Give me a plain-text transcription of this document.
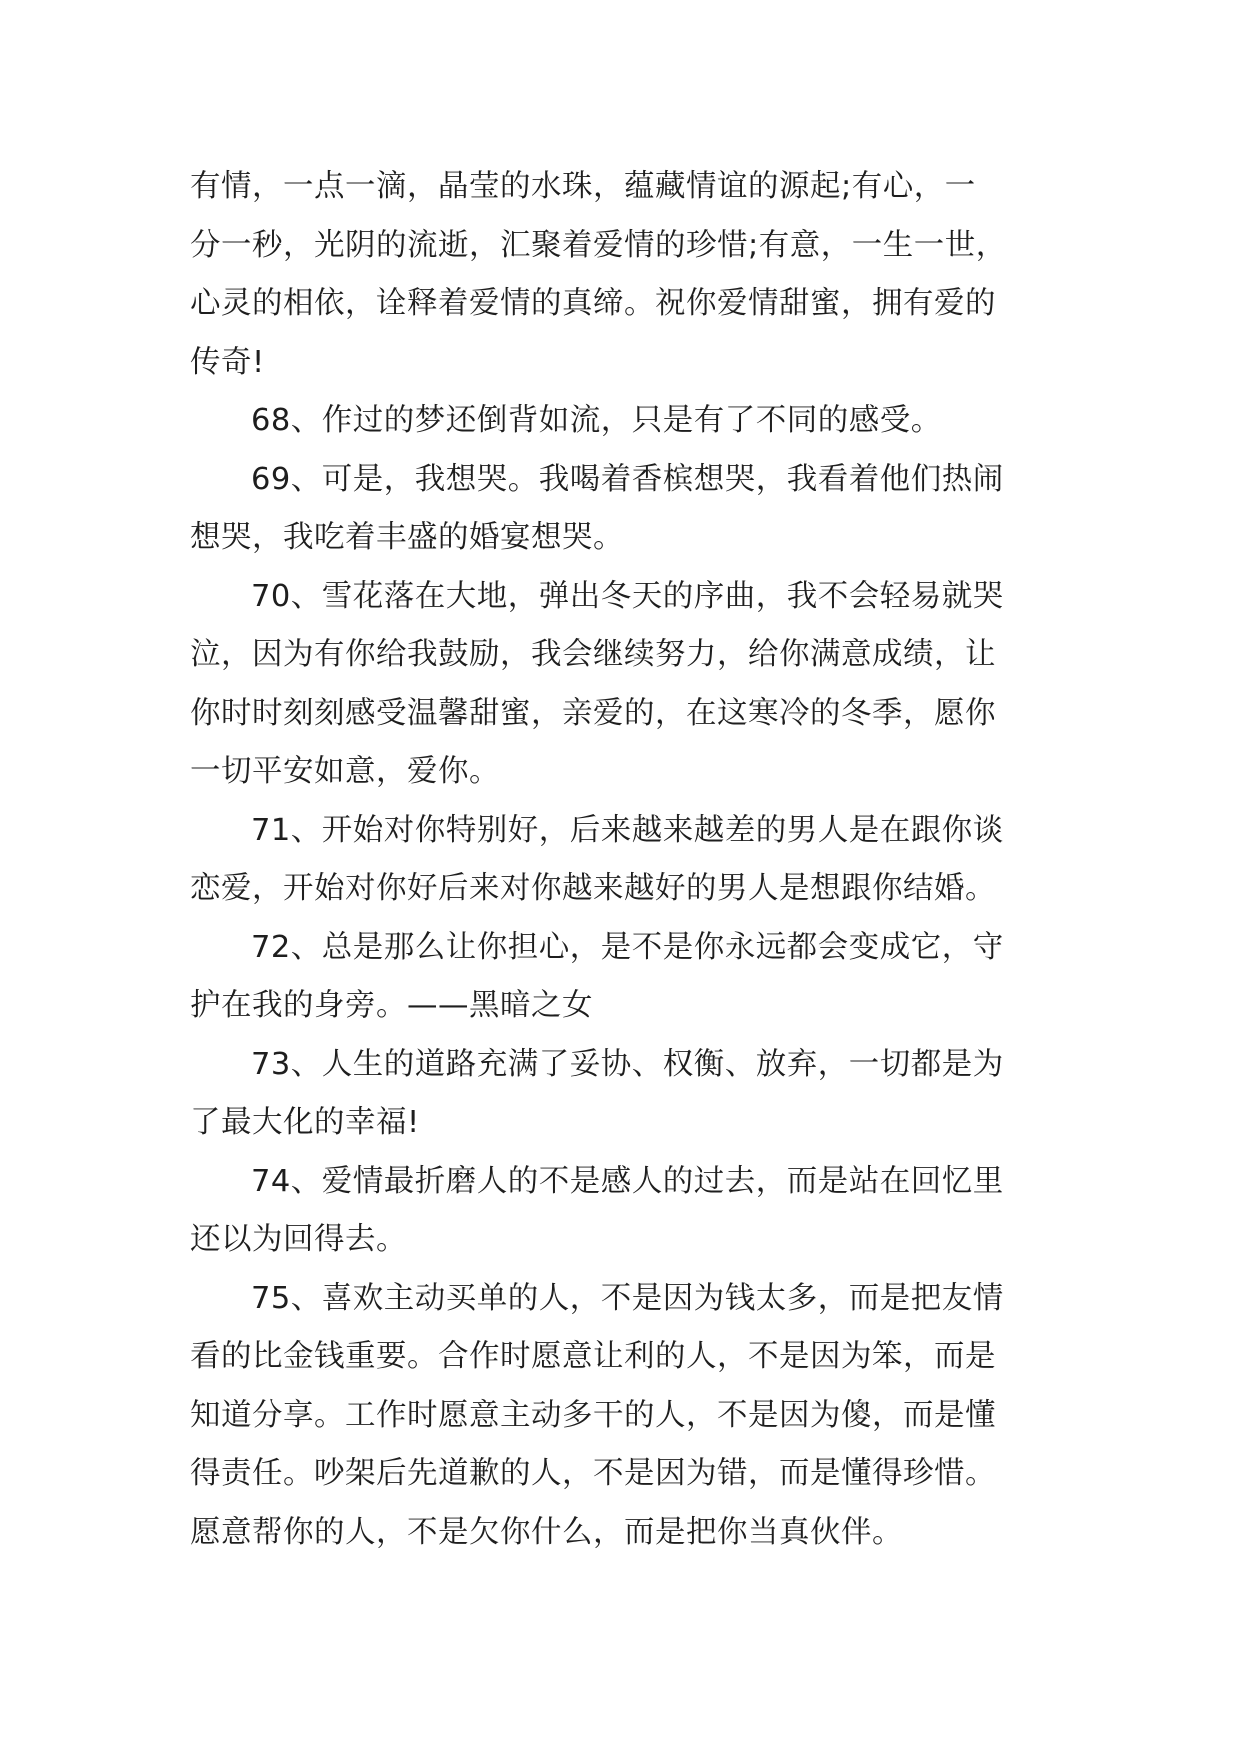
有情，一点一滴，晶莹的水珠，蕴藏情谊的源起;有心，一
分一秒，光阴的流逝，汇聚着爱情的珍惜;有意，一生一世，
心灵的相依，诠释着爱情的真缔。祝你爱情甜蜜，拥有爱的
传奇!
68、作过的梦还倒背如流，只是有了不同的感受。
69、可是，我想哭。我喝着香槟想哭，我看着他们热闹
想哭，我吃着丰盛的婚宴想哭。
70、雪花落在大地，弹出冬天的序曲，我不会轻易就哭
泣，因为有你给我鼓励，我会继续努力，给你满意成绩，让
你时时刻刻感受温馨甜蜜，亲爱的，在这寒冷的冬季，愿你
一切平安如意，爱你。
71、开始对你特别好，后来越来越差的男人是在跟你谈
恋爱，开始对你好后来对你越来越好的男人是想跟你结婚。
72、总是那么让你担心，是不是你永远都会变成它，守
护在我的身旁。——黑暗之女
73、人生的道路充满了妥协、权衡、放弃，一切都是为
了最大化的幸福!
74、爱情最折磨人的不是感人的过去，而是站在回忆里
还以为回得去。
75、喜欢主动买单的人，不是因为钱太多，而是把友情
看的比金钱重要。合作时愿意让利的人，不是因为笨，而是
知道分享。工作时愿意主动多干的人，不是因为傻，而是懂
得责任。吵架后先道歉的人，不是因为错，而是懂得珍惜。
愿意帮你的人，不是欠你什么，而是把你当真伙伴。
